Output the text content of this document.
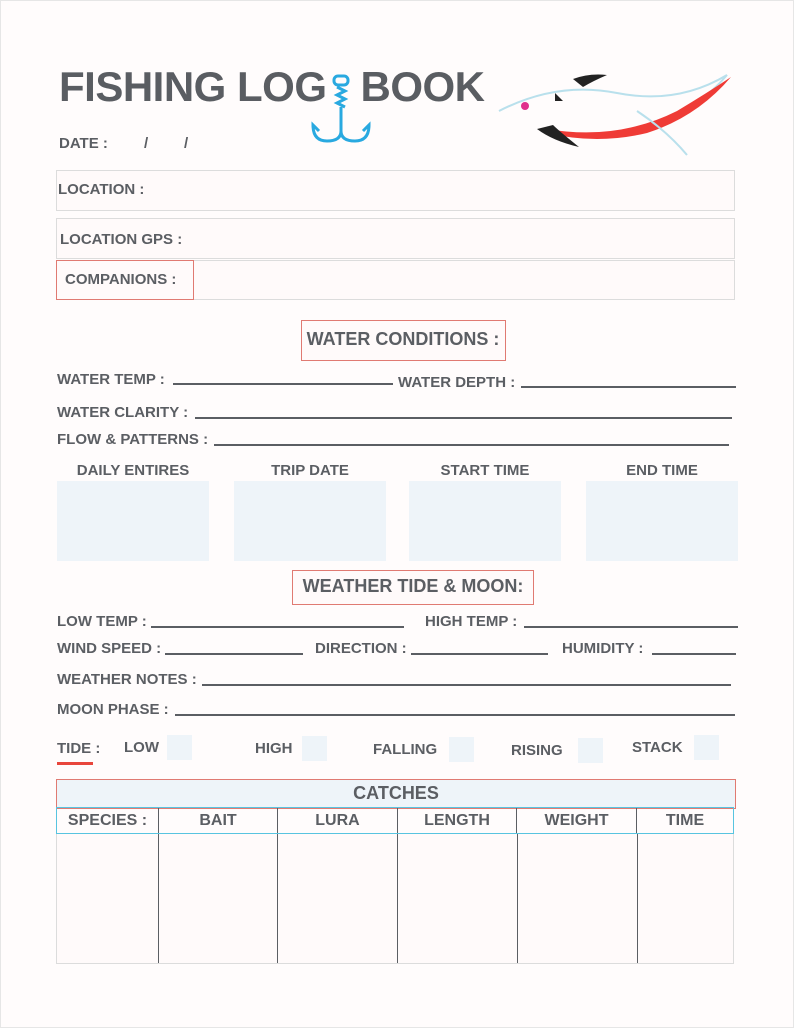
FISHING LOG BOOK
DATE : / /
LOCATION :
LOCATION GPS :
COMPANIONS :
WATER CONDITIONS :
WATER TEMP :	WATER DEPTH :
WATER CLARITY :
FLOW & PATTERNS :
DAILY ENTIRES	TRIP DATE	START TIME	END TIME
WEATHER TIDE & MOON:
LOW TEMP :	HIGH TEMP :
WIND SPEED :	DIRECTION :	HUMIDITY :
WEATHER NOTES :
MOON PHASE :
TIDE : LOW	HIGH	FALLING	RISING	STACK
CATCHES
SPECIES :	BAIT	LURA	LENGTH	WEIGHT	TIME
